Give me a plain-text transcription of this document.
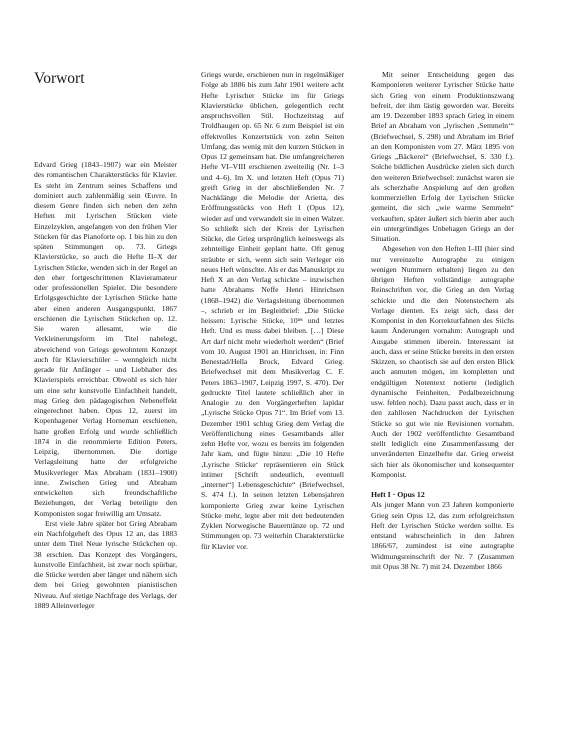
Vorwort

Edvard Grieg (1843–1907) war ein Meister des romantischen Charakterstücks für Klavier. Es steht im Zentrum seines Schaffens und dominiert auch zahlenmäßig sein Œuvre. In diesem Genre finden sich neben den zehn Heften mit Lyrischen Stücken viele Einzelzyklen, angefangen von den frühen Vier Stücken für das Pianoforte op. 1 bis hin zu den späten Stimmungen op. 73. Griegs Klavierstücke, so auch die Hefte II–X der Lyrischen Stücke, wenden sich in der Regel an den eher fortgeschrittenen Klavieramateur oder professionellen Spieler. Die besondere Erfolgsgeschichte der Lyrischen Stücke hatte aber einen anderen Ausgangspunkt. 1867 erschienen die Lyrischen Stückchen op. 12. Sie waren allesamt, wie die Verkleinerungsform im Titel nahelegt, abweichend von Griegs gewohntem Konzept auch für Klavierschüler – wenngleich nicht gerade für Anfänger – und Liebhaber des Klavierspiels erreichbar. Obwohl es sich hier um eine sehr kunstvolle Einfachheit handelt, mag Grieg den pädagogischen Nebeneffekt eingerechnet haben. Opus 12, zuerst im Kopenhagener Verlag Horneman erschienen, hatte großen Erfolg und wurde schließlich 1874 in die renommierte Edition Peters, Leipzig, übernommen. Die dortige Verlagsleitung hatte der erfolgreiche Musikverleger Max Abraham (1831–1900) inne. Zwischen Grieg und Abraham entwickelten sich freundschaftliche Beziehungen, der Verlag beteiligte den Komponisten sogar freiwillig am Umsatz.

Erst viele Jahre später bot Grieg Abraham ein Nachfolgeheft des Opus 12 an, das 1883 unter dem Titel Neue lyrische Stückchen op. 38 erschien. Das Konzept des Vorgängers, kunstvolle Einfachheit, ist zwar noch spürbar, die Stücke werden aber länger und nähern sich dem bei Grieg gewohnten pianistischen Niveau. Auf stetige Nachfrage des Verlags, der 1889 Alleinverleger

Griegs wurde, erschienen nun in regelmäßiger Folge ab 1886 bis zum Jahr 1901 weitere acht Hefte Lyrischer Stücke im für Griegs Klavierstücke üblichen, gelegentlich recht anspruchsvollen Stil. Hochzeitstag auf Troldhaugen op. 65 Nr. 6 zum Beispiel ist ein effektvolles Konzertstück von zehn Seiten Umfang, das wenig mit den kurzen Stücken in Opus 12 gemeinsam hat. Die umfangreicheren Hefte VI–VIII erschienen zweiteilig (Nr. 1–3 und 4–6). Im X. und letzten Heft (Opus 71) greift Grieg in der abschließenden Nr. 7 Nachklänge die Melodie der Arietta, des Eröffnungsstücks von Heft I (Opus 12), wieder auf und verwandelt sie in einen Walzer. So schließt sich der Kreis der Lyrischen Stücke, die Grieg ursprünglich keineswegs als zehnteilige Einheit geplant hatte. Oft genug sträubte er sich, wenn sich sein Verleger ein neues Heft wünschte. Als er das Manuskript zu Heft X an den Verlag schickte – inzwischen hatte Abrahams Neffe Henri Hinrichsen (1868–1942) die Verlagsleitung übernommen –, schrieb er im Begleitbrief: „Die Stücke heissen: Lyrische Stücke, 10ᵗᵉˢ und letztes Heft. Und es muss dabei bleiben. […] Diese Art darf nicht mehr wiederholt werden“ (Brief vom 10. August 1901 an Hinrichsen, in: Finn Benestad/Hella Brock, Edvard Grieg. Briefwechsel mit dem Musikverlag C. F. Peters 1863–1907, Leipzig 1997, S. 470). Der gedruckte Titel lautete schließlich aber in Analogie zu den Vorgängerheften lapidar „Lyrische Stücke Opus 71“. Im Brief vom 13. Dezember 1901 schlug Grieg dem Verlag die Veröffentlichung eines Gesamtbands aller zehn Hefte vor, wozu es bereits im folgenden Jahr kam, und fügte hinzu: „Die 10 Hefte ‚Lyrische Stücke‘ repräsentieren ein Stück intimer [Schrift undeutlich, eventuell „interner“] Lebensgeschichte“ (Briefwechsel, S. 474 f.). In seinen letzten Lebensjahren komponierte Grieg zwar keine Lyrischen Stücke mehr, legte aber mit den bedeutenden Zyklen Norwegische Bauerntänze op. 72 und Stimmungen op. 73 weiterhin Charakterstücke für Klavier vor.

Mit seiner Entscheidung gegen das Komponieren weiterer Lyrischer Stücke hatte sich Grieg von einem Produktionszwang befreit, der ihm lästig geworden war. Bereits am 19. Dezember 1893 sprach Grieg in einem Brief an Abraham von „lyrischen ‚Semmeln‘“ (Briefwechsel, S. 298) und Abraham im Brief an den Komponisten vom 27. März 1895 von Griegs „Bäckerei“ (Briefwechsel, S. 330 f.). Solche bildlichen Ausdrücke zielen sich durch den weiteren Briefwechsel: zunächst waren sie als scherzhafte Anspielung auf den großen kommerziellen Erfolg der Lyrischen Stücke gemeint, die sich „wie warme Semmeln“ verkauften, später äußert sich hierin aber auch ein untergründiges Unbehagen Griegs an der Situation.

Abgesehen von den Heften I–III (hier sind nur vereinzelte Autographe zu einigen wenigen Nummern erhalten) liegen zu den übrigen Heften vollständige autographe Reinschriften vor, die Grieg an den Verlag schickte und die den Notenstechern als Vorlage dienten. Es zeigt sich, dass der Komponist in den Korrekturfahnen des Stichs kaum Änderungen vornahm: Autograph und Ausgabe stimmen überein. Interessant ist auch, dass er seine Stücke bereits in den ersten Skizzen, so chaotisch sie auf den ersten Blick auch anmuten mögen, im kompletten und endgültigen Notentext notierte (lediglich dynamische Feinheiten, Pedalbezeichnung usw. fehlen noch). Dazu passt auch, dass er in den zahllosen Nachdrucken der Lyrischen Stücke so gut wie nie Revisionen vornahm. Auch der 1902 veröffentlichte Gesamtband stellt lediglich eine Zusammenfassung der unveränderten Einzelhefte dar. Grieg erweist sich hier als ökonomischer und konsequenter Komponist.

Heft I · Opus 12

Als junger Mann von 23 Jahren komponierte Grieg sein Opus 12, das zum erfolgreichsten Heft der Lyrischen Stücke werden sollte. Es entstand wahrscheinlich in den Jahren 1866/67, zumindest ist eine autographe Widmungsreinschrift der Nr. 7 (Zusammen mit Opus 38 Nr. 7) mit 24. Dezember 1866
